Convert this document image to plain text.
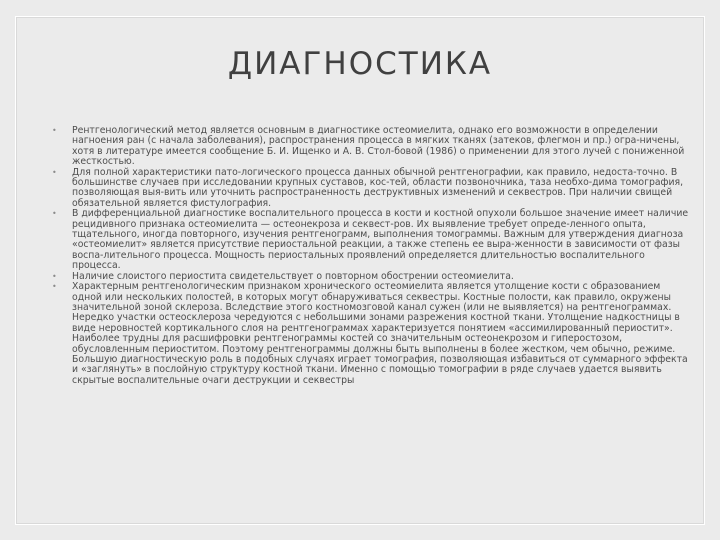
ДИАГНОСТИКА
• Рентгенологический метод является основным в диагностике остеомиелита, однако его возможности в определении нагноения ран (с начала заболевания), распространения процесса в мягких тканях (затеков, флегмон и пр.) огра-ничены, хотя в литературе имеется сообщение Б. И. Ищенко и А. В. Стол-бовой (1986) о применении для этого лучей с пониженной жесткостью.
• Для полной характеристики пато-логического процесса данных обычной рентгенографии, как правило, недоста-точно. В большинстве случаев при исследовании крупных суставов, кос-тей, области позвоночника, таза необхо-дима томография, позволяющая выя-вить или уточнить распространенность деструктивных изменений и секвестров. При наличии свищей обязательной является фистулография.
• В дифференциальной диагностике воспалительного процесса в кости и костной опухоли большое значение имеет наличие рецидивного признака остеомиелита — остеонекроза и секвест-ров. Их выявление требует опреде-ленного опыта, тщательного, иногда повторного, изучения рентгенограмм, выполнения томограммы. Важным для утверждения диагноза «остеомиелит» является присутствие периостальной реакции, а также степень ее выра-женности в зависимости от фазы воспа-лительного процесса. Мощность периостальных проявлений определяется длительностью воспалительного процесса.
• Наличие слоистого периостита свидетельствует о повторном обострении остеомиелита.
• Характерным рентгенологическим признаком хронического остеомиелита является утолщение кости с образованием одной или нескольких полостей, в которых могут обнаруживаться секвестры. Костные полости, как правило, окружены значительной зоной склероза. Вследствие этого костномозговой канал сужен (или не выявляется) на рентгенограммах. Нередко участки остеосклероза чередуются с небольшими зонами разрежения костной ткани. Утолщение надкостницы в виде неровностей кортикального слоя на рентгенограммах характеризуется понятием «ассимилированный периостит». Наиболее трудны для расшифровки рентгенограммы костей со значительным остеонекрозом и гиперостозом, обусловленным периоститом. Поэтому рентгенограммы должны быть выполнены в более жестком, чем обычно, режиме. Большую диагностическую роль в подобных случаях играет томография, позволяющая избавиться от суммарного эффекта и «заглянуть» в послойную структуру костной ткани. Именно с помощью томографии в ряде случаев удается выявить скрытые воспалительные очаги деструкции и секвестры
